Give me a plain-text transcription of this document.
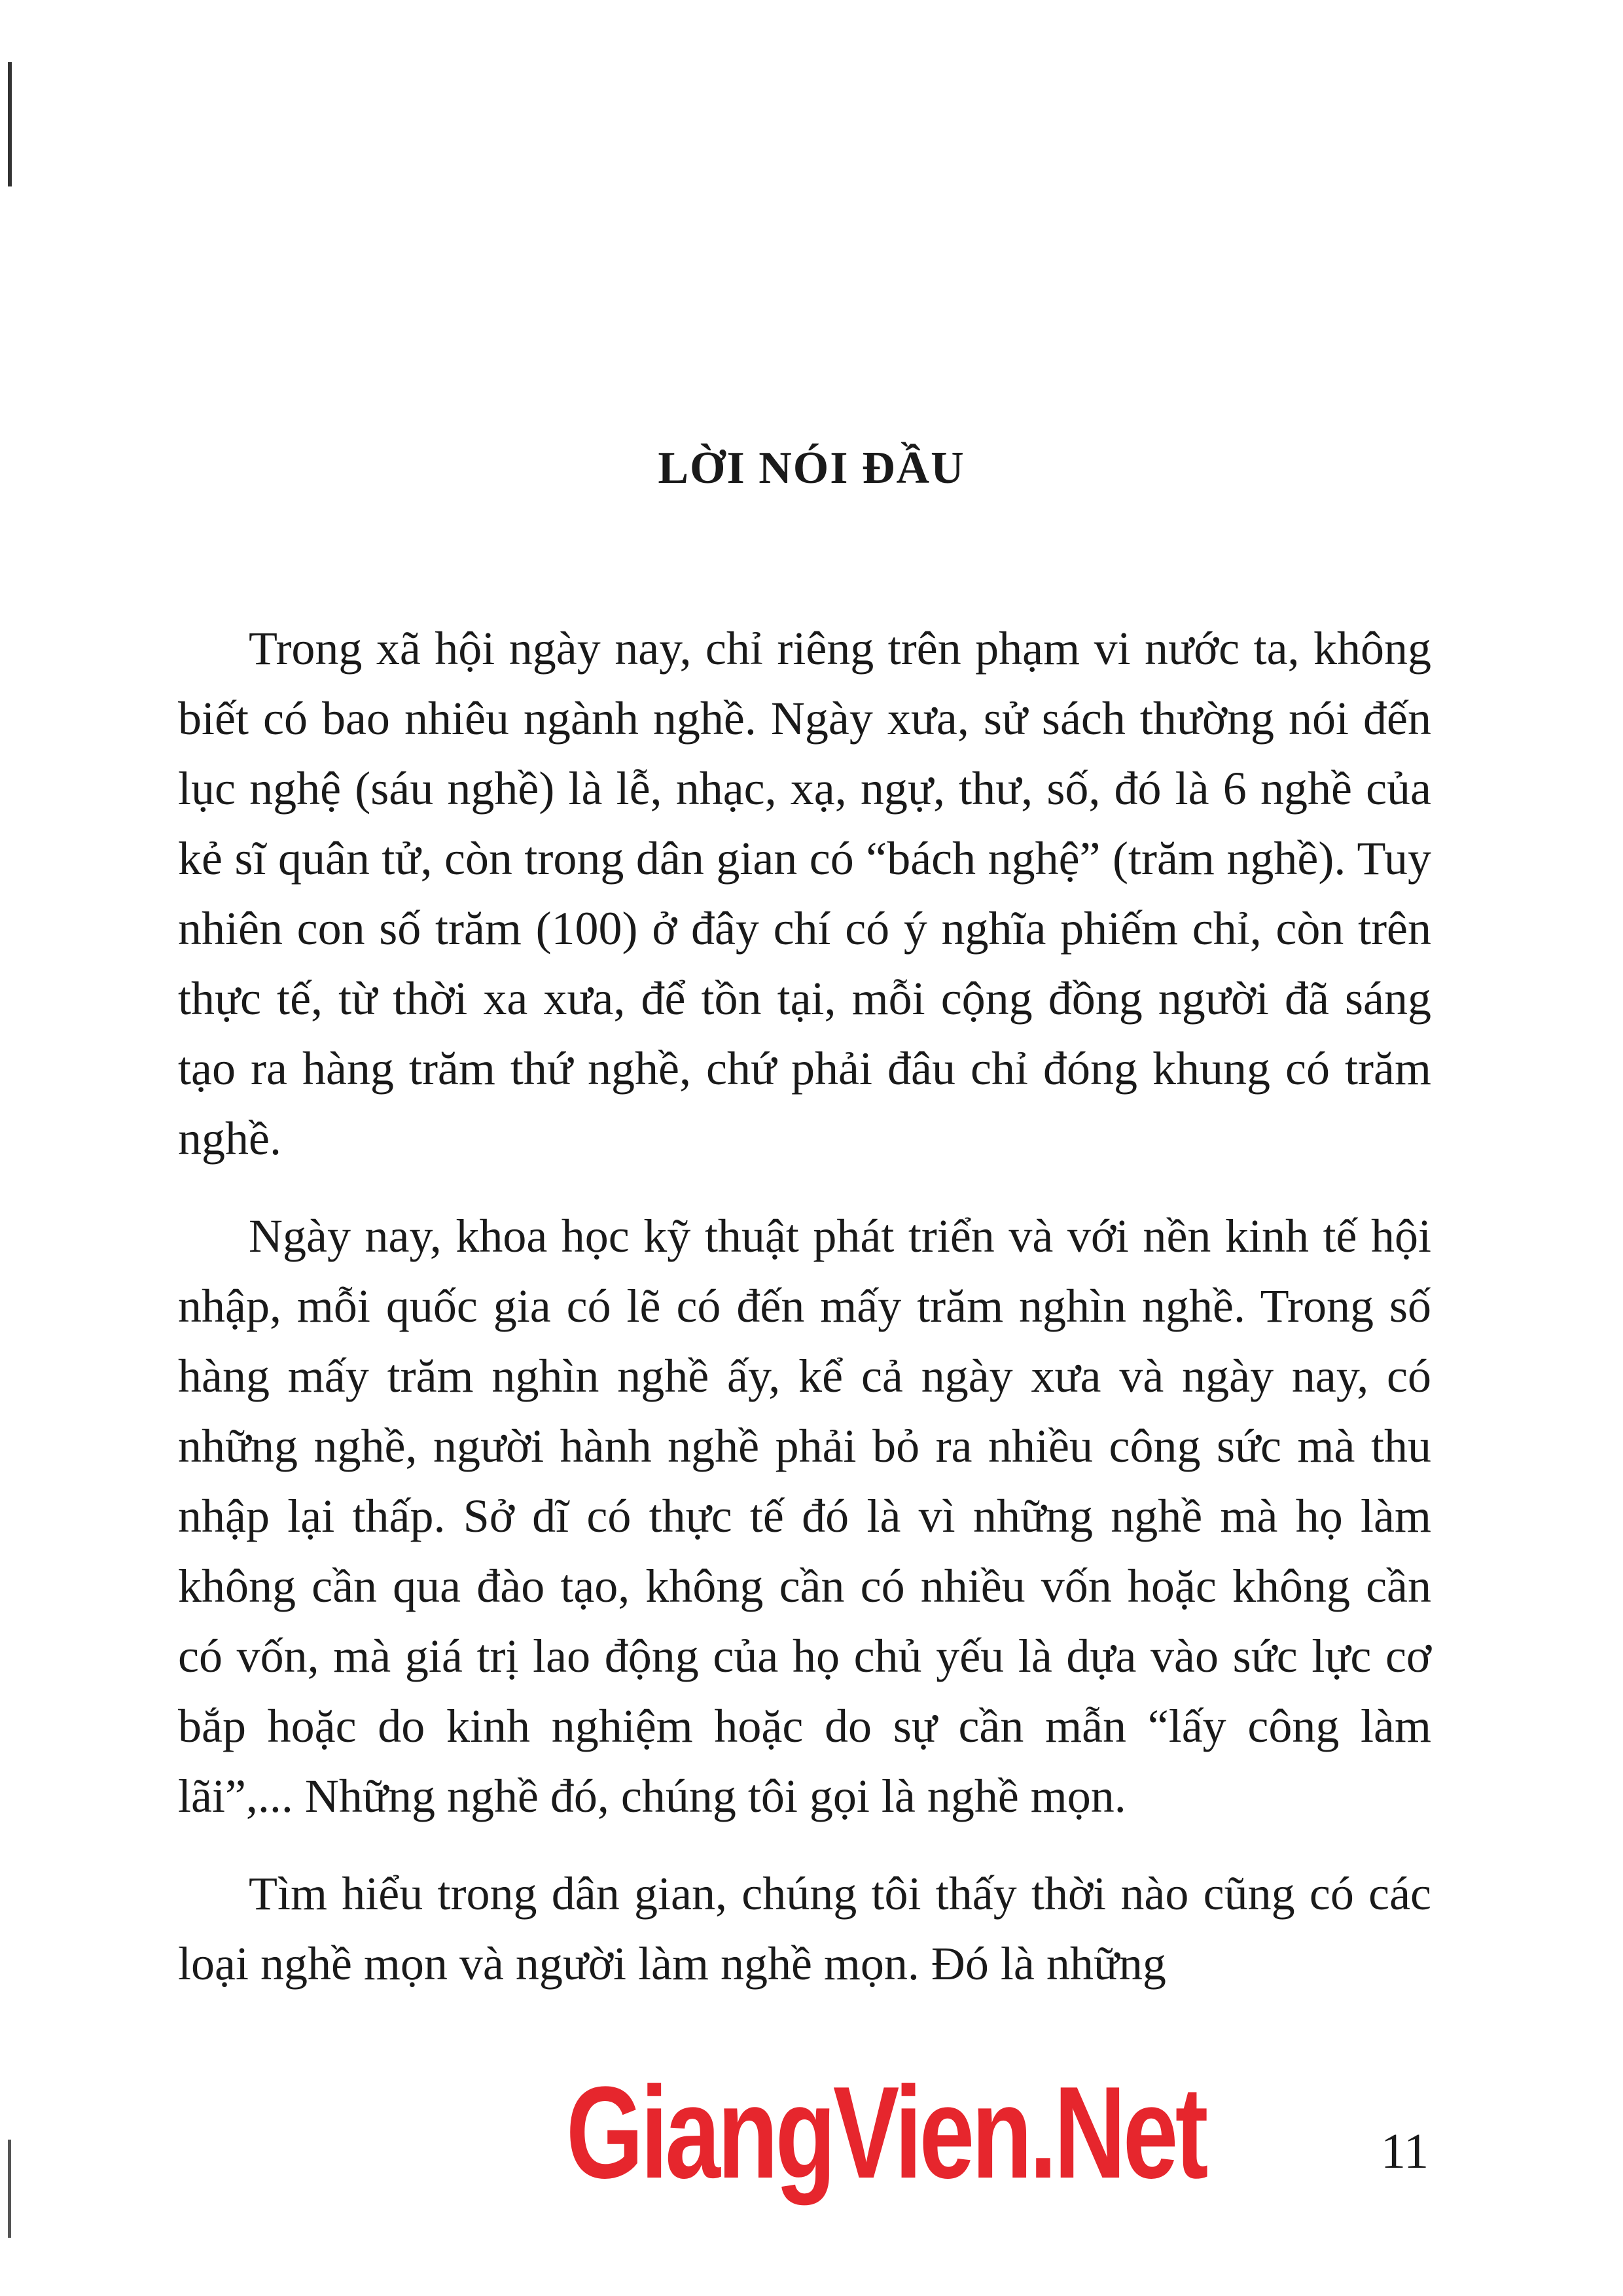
LỜI NÓI ĐẦU

Trong xã hội ngày nay, chỉ riêng trên phạm vi nước ta, không biết có bao nhiêu ngành nghề. Ngày xưa, sử sách thường nói đến lục nghệ (sáu nghề) là lễ, nhạc, xạ, ngự, thư, số, đó là 6 nghề của kẻ sĩ quân tử, còn trong dân gian có “bách nghệ” (trăm nghề). Tuy nhiên con số trăm (100) ở đây chí có ý nghĩa phiếm chỉ, còn trên thực tế, từ thời xa xưa, để tồn tại, mỗi cộng đồng người đã sáng tạo ra hàng trăm thứ nghề, chứ phải đâu chỉ đóng khung có trăm nghề.

Ngày nay, khoa học kỹ thuật phát triển và với nền kinh tế hội nhập, mỗi quốc gia có lẽ có đến mấy trăm nghìn nghề. Trong số hàng mấy trăm nghìn nghề ấy, kể cả ngày xưa và ngày nay, có những nghề, người hành nghề phải bỏ ra nhiều công sức mà thu nhập lại thấp. Sở dĩ có thực tế đó là vì những nghề mà họ làm không cần qua đào tạo, không cần có nhiều vốn hoặc không cần có vốn, mà giá trị lao động của họ chủ yếu là dựa vào sức lực cơ bắp hoặc do kinh nghiệm hoặc do sự cần mẫn “lấy công làm lãi”,... Những nghề đó, chúng tôi gọi là nghề mọn.

Tìm hiểu trong dân gian, chúng tôi thấy thời nào cũng có các loại nghề mọn và người làm nghề mọn. Đó là những

GiangVien.Net	11
